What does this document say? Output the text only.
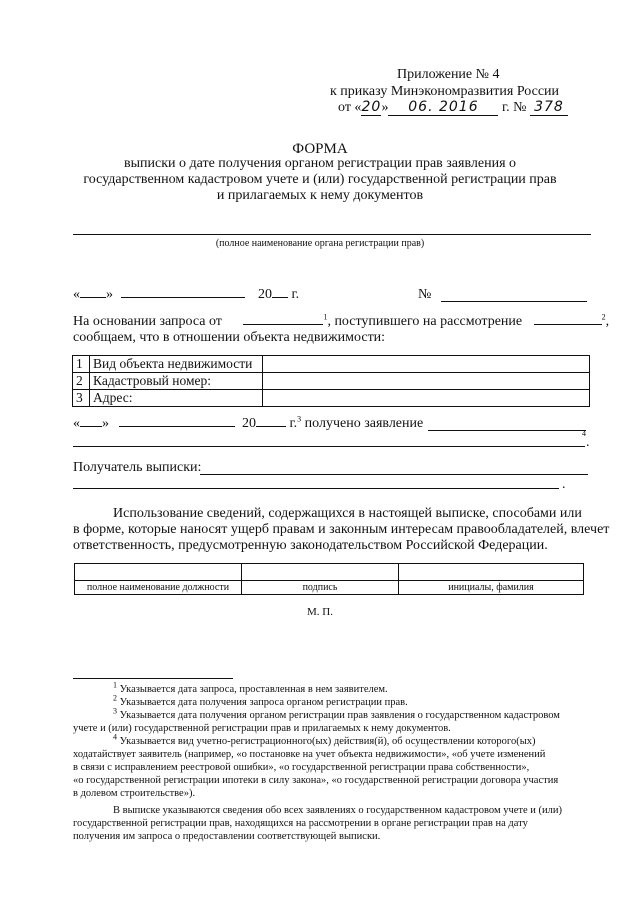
Приложение № 4
к приказу Минэкономразвития России
от «20» 06. 2016 г. № 378
ФОРМА
выписки о дате получения органом регистрации прав заявления о
государственном кадастровом учете и (или) государственной регистрации прав
и прилагаемых к нему документов
(полное наименование органа регистрации прав)
« »	20 г.	№
На основании запроса от	$^1$, поступившего на рассмотрение	$^2$,
сообщаем, что в отношении объекта недвижимости:
1	Вид объекта недвижимости	
2	Кадастровый номер:	
3	Адрес:	
« »	20 г.$^3$ получено заявление
4
.
Получатель выписки:
.
Использование сведений, содержащихся в настоящей выписке, способами или
в форме, которые наносят ущерб правам и законным интересам правообладателей, влечет
ответственность, предусмотренную законодательством Российской Федерации.

полное наименование должности	подпись	инициалы, фамилия
М. П.
$^1$ Указывается дата запроса, проставленная в нем заявителем.
$^2$ Указывается дата получения запроса органом регистрации прав.
$^3$ Указывается дата получения органом регистрации прав заявления о государственном кадастровом
учете и (или) государственной регистрации прав и прилагаемых к нему документов.
$^4$ Указывается вид учетно-регистрационного(ых) действия(й), об осуществлении которого(ых)
ходатайствует заявитель (например, «о постановке на учет объекта недвижимости», «об учете изменений
в связи с исправлением реестровой ошибки», «о государственной регистрации права собственности»,
«о государственной регистрации ипотеки в силу закона», «о государственной регистрации договора участия
в долевом строительстве»).
В выписке указываются сведения обо всех заявлениях о государственном кадастровом учете и (или)
государственной регистрации прав, находящихся на рассмотрении в органе регистрации прав на дату
получения им запроса о предоставлении соответствующей выписки.
